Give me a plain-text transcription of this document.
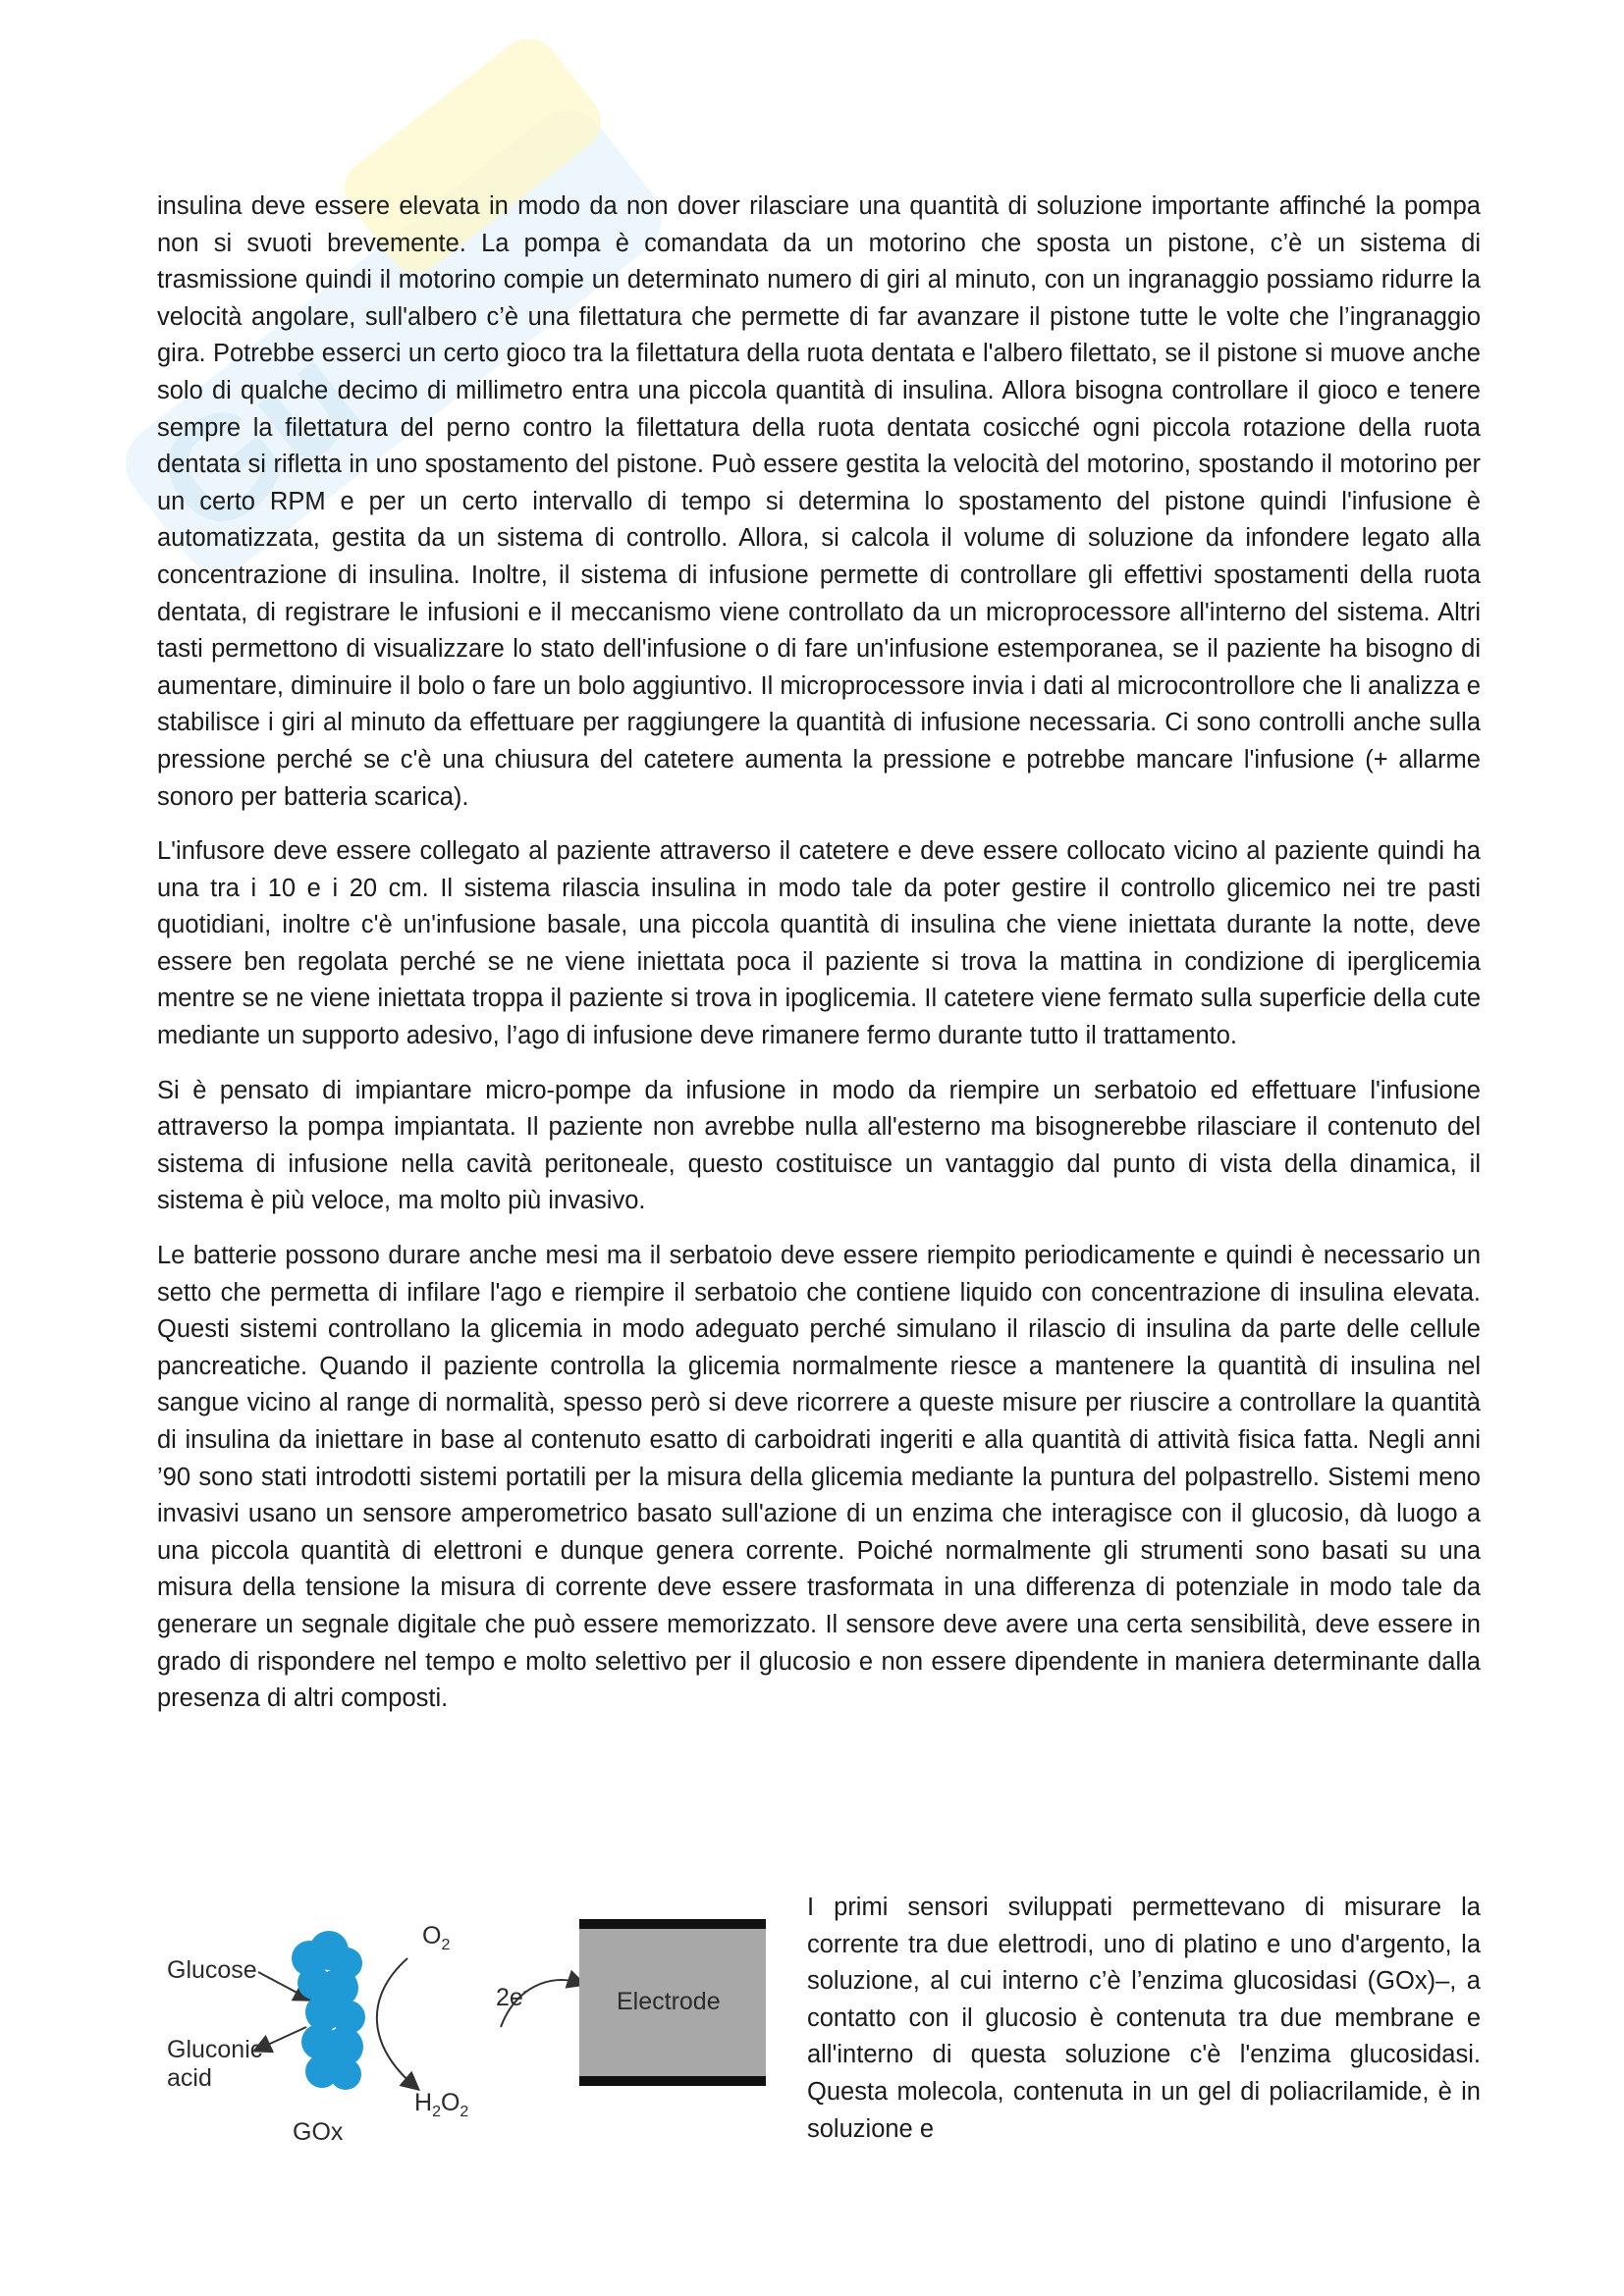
Gu

insulina deve essere elevata in modo da non dover rilasciare una quantità di soluzione importante affinché la pompa non si svuoti brevemente. La pompa è comandata da un motorino che sposta un pistone, c’è un sistema di trasmissione quindi il motorino compie un determinato numero di giri al minuto, con un ingranaggio possiamo ridurre la velocità angolare, sull'albero c’è una filettatura che permette di far avanzare il pistone tutte le volte che l’ingranaggio gira. Potrebbe esserci un certo gioco tra la filettatura della ruota dentata e l'albero filettato, se il pistone si muove anche solo di qualche decimo di millimetro entra una piccola quantità di insulina. Allora bisogna controllare il gioco e tenere sempre la filettatura del perno contro la filettatura della ruota dentata cosicché ogni piccola rotazione della ruota dentata si rifletta in uno spostamento del pistone. Può essere gestita la velocità del motorino, spostando il motorino per un certo RPM e per un certo intervallo di tempo si determina lo spostamento del pistone quindi l'infusione è automatizzata, gestita da un sistema di controllo. Allora, si calcola il volume di soluzione da infondere legato alla concentrazione di insulina. Inoltre, il sistema di infusione permette di controllare gli effettivi spostamenti della ruota dentata, di registrare le infusioni e il meccanismo viene controllato da un microprocessore all'interno del sistema. Altri tasti permettono di visualizzare lo stato dell'infusione o di fare un'infusione estemporanea, se il paziente ha bisogno di aumentare, diminuire il bolo o fare un bolo aggiuntivo. Il microprocessore invia i dati al microcontrollore che li analizza e stabilisce i giri al minuto da effettuare per raggiungere la quantità di infusione necessaria. Ci sono controlli anche sulla pressione perché se c'è una chiusura del catetere aumenta la pressione e potrebbe mancare l'infusione (+ allarme sonoro per batteria scarica).

L'infusore deve essere collegato al paziente attraverso il catetere e deve essere collocato vicino al paziente quindi ha una tra i 10 e i 20 cm. Il sistema rilascia insulina in modo tale da poter gestire il controllo glicemico nei tre pasti quotidiani, inoltre c'è un'infusione basale, una piccola quantità di insulina che viene iniettata durante la notte, deve essere ben regolata perché se ne viene iniettata poca il paziente si trova la mattina in condizione di iperglicemia mentre se ne viene iniettata troppa il paziente si trova in ipoglicemia. Il catetere viene fermato sulla superficie della cute mediante un supporto adesivo, l’ago di infusione deve rimanere fermo durante tutto il trattamento.

Si è pensato di impiantare micro-pompe da infusione in modo da riempire un serbatoio ed effettuare l'infusione attraverso la pompa impiantata. Il paziente non avrebbe nulla all'esterno ma bisognerebbe rilasciare il contenuto del sistema di infusione nella cavità peritoneale, questo costituisce un vantaggio dal punto di vista della dinamica, il sistema è più veloce, ma molto più invasivo.

Le batterie possono durare anche mesi ma il serbatoio deve essere riempito periodicamente e quindi è necessario un setto che permetta di infilare l'ago e riempire il serbatoio che contiene liquido con concentrazione di insulina elevata. Questi sistemi controllano la glicemia in modo adeguato perché simulano il rilascio di insulina da parte delle cellule pancreatiche. Quando il paziente controlla la glicemia normalmente riesce a mantenere la quantità di insulina nel sangue vicino al range di normalità, spesso però si deve ricorrere a queste misure per riuscire a controllare la quantità di insulina da iniettare in base al contenuto esatto di carboidrati ingeriti e alla quantità di attività fisica fatta. Negli anni ’90 sono stati introdotti sistemi portatili per la misura della glicemia mediante la puntura del polpastrello. Sistemi meno invasivi usano un sensore amperometrico basato sull'azione di un enzima che interagisce con il glucosio, dà luogo a una piccola quantità di elettroni e dunque genera corrente. Poiché normalmente gli strumenti sono basati su una misura della tensione la misura di corrente deve essere trasformata in una differenza di potenziale in modo tale da generare un segnale digitale che può essere memorizzato. Il sensore deve avere una certa sensibilità, deve essere in grado di rispondere nel tempo e molto selettivo per il glucosio e non essere dipendente in maniera determinante dalla presenza di altri composti.

Glucose
Gluconic
acid
GOx
$O_2$
$H_2O_2$
2e-	Electrode

I primi sensori sviluppati permettevano di misurare la corrente tra due elettrodi, uno di platino e uno d'argento, la soluzione, al cui interno c’è l’enzima glucosidasi (GOx)–, a contatto con il glucosio è contenuta tra due membrane e all'interno di questa soluzione c'è l'enzima glucosidasi. Questa molecola, contenuta in un gel di poliacrilamide, è in soluzione e
